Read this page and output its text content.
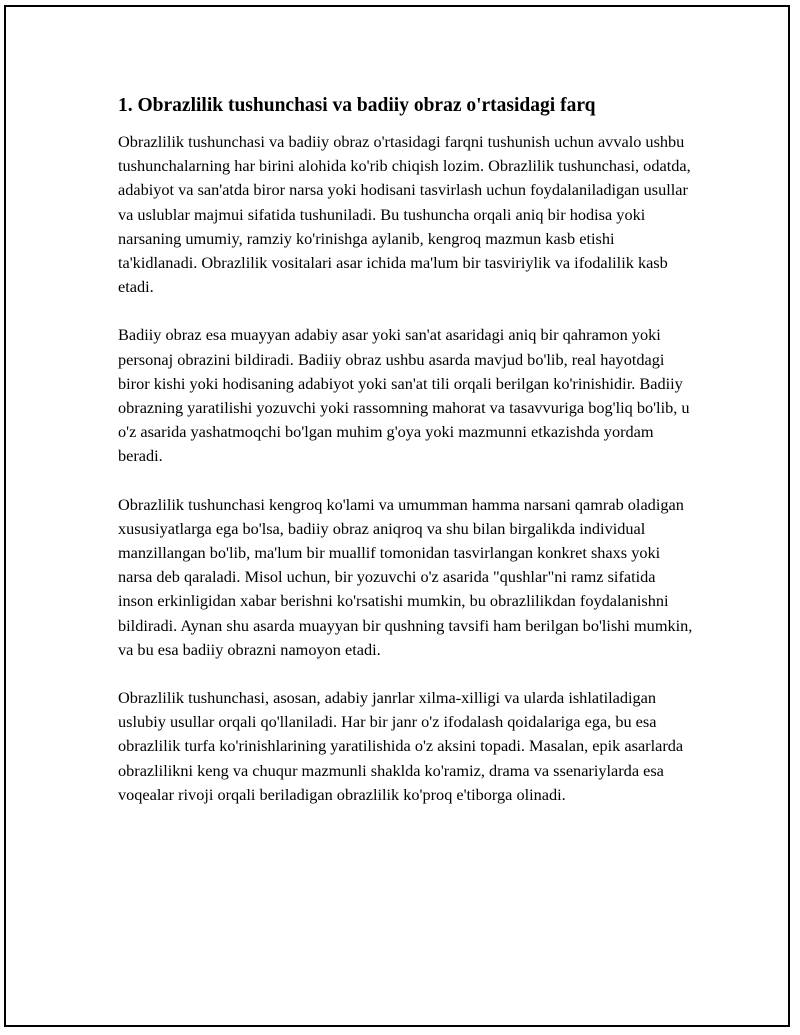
1. Obrazlilik tushunchasi va badiiy obraz o'rtasidagi farq

Obrazlilik tushunchasi va badiiy obraz o'rtasidagi farqni tushunish uchun avvalo ushbu tushunchalarning har birini alohida ko'rib chiqish lozim. Obrazlilik tushunchasi, odatda, adabiyot va san'atda biror narsa yoki hodisani tasvirlash uchun foydalaniladigan usullar va uslublar majmui sifatida tushuniladi. Bu tushuncha orqali aniq bir hodisa yoki narsaning umumiy, ramziy ko'rinishga aylanib, kengroq mazmun kasb etishi ta'kidlanadi. Obrazlilik vositalari asar ichida ma'lum bir tasviriylik va ifodalilik kasb etadi.

Badiiy obraz esa muayyan adabiy asar yoki san'at asaridagi aniq bir qahramon yoki personaj obrazini bildiradi. Badiiy obraz ushbu asarda mavjud bo'lib, real hayotdagi biror kishi yoki hodisaning adabiyot yoki san'at tili orqali berilgan ko'rinishidir. Badiiy obrazning yaratilishi yozuvchi yoki rassomning mahorat va tasavvuriga bog'liq bo'lib, u o'z asarida yashatmoqchi bo'lgan muhim g'oya yoki mazmunni etkazishda yordam beradi.

Obrazlilik tushunchasi kengroq ko'lami va umumman hamma narsani qamrab oladigan xususiyatlarga ega bo'lsa, badiiy obraz aniqroq va shu bilan birgalikda individual manzillangan bo'lib, ma'lum bir muallif tomonidan tasvirlangan konkret shaxs yoki narsa deb qaraladi. Misol uchun, bir yozuvchi o'z asarida "qushlar"ni ramz sifatida inson erkinligidan xabar berishni ko'rsatishi mumkin, bu obrazlilikdan foydalanishni bildiradi. Aynan shu asarda muayyan bir qushning tavsifi ham berilgan bo'lishi mumkin, va bu esa badiiy obrazni namoyon etadi.

Obrazlilik tushunchasi, asosan, adabiy janrlar xilma-xilligi va ularda ishlatiladigan uslubiy usullar orqali qo'llaniladi. Har bir janr o'z ifodalash qoidalariga ega, bu esa obrazlilik turfa ko'rinishlarining yaratilishida o'z aksini topadi. Masalan, epik asarlarda obrazlilikni keng va chuqur mazmunli shaklda ko'ramiz, drama va ssenariylarda esa voqealar rivoji orqali beriladigan obrazlilik ko'proq e'tiborga olinadi.
